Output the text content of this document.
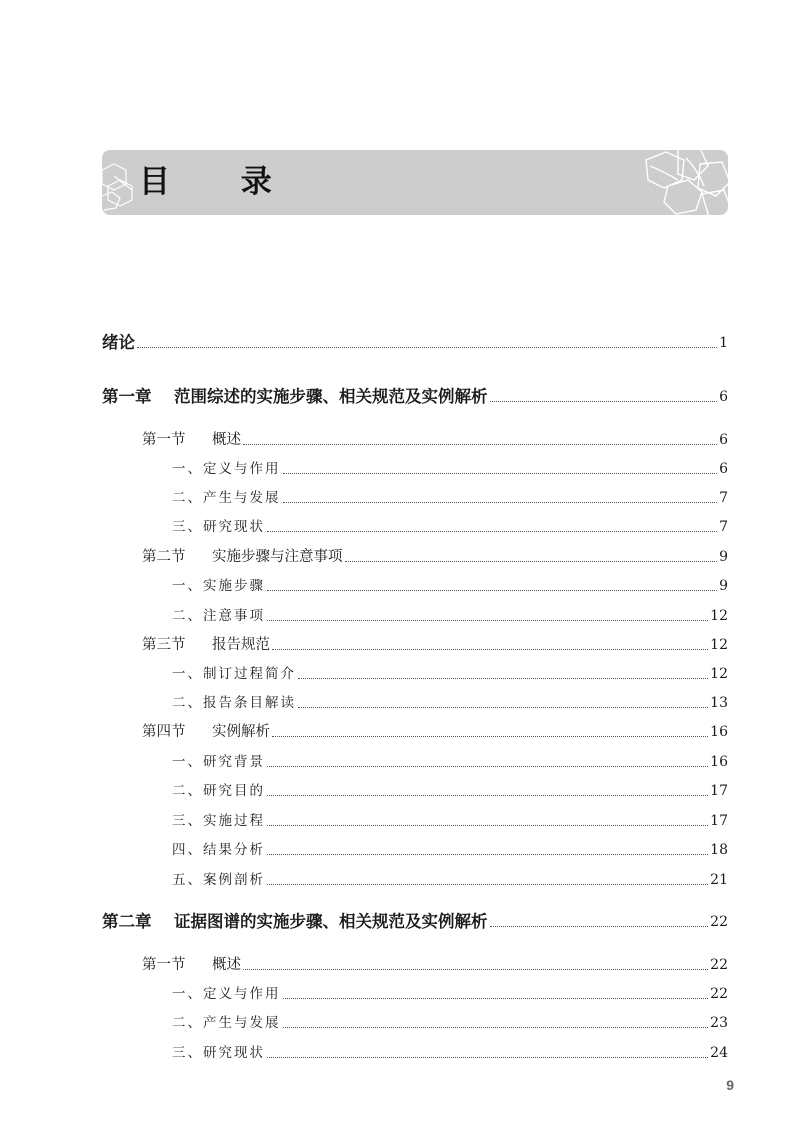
目 录
绪论	1
第一章 范围综述的实施步骤、相关规范及实例解析	6
第一节 概述	6
一、定义与作用	6
二、产生与发展	7
三、研究现状	7
第二节 实施步骤与注意事项	9
一、实施步骤	9
二、注意事项	12
第三节 报告规范	12
一、制订过程简介	12
二、报告条目解读	13
第四节 实例解析	16
一、研究背景	16
二、研究目的	17
三、实施过程	17
四、结果分析	18
五、案例剖析	21
第二章 证据图谱的实施步骤、相关规范及实例解析	22
第一节 概述	22
一、定义与作用	22
二、产生与发展	23
三、研究现状	24
9
